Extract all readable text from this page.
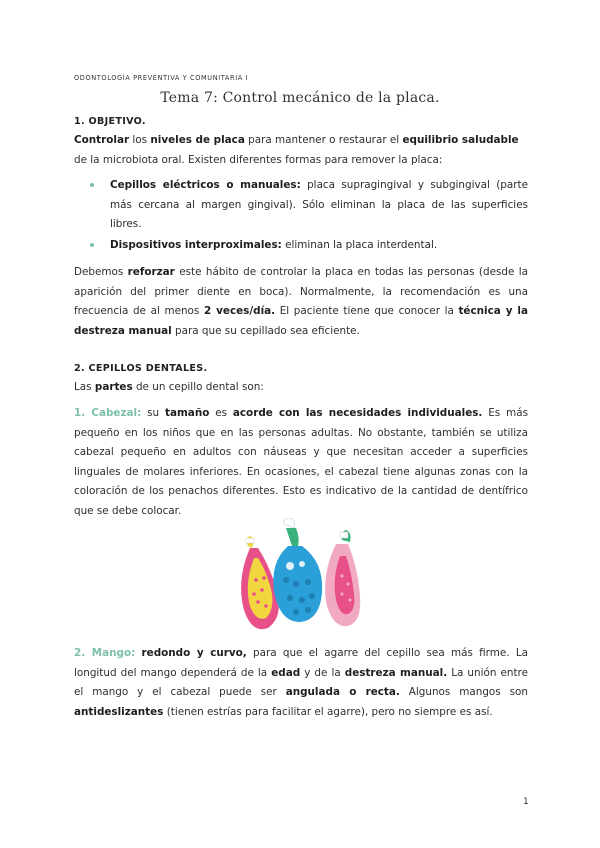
ODONTOLOGÍA PREVENTIVA Y COMUNITARIA I
Tema 7: Control mecánico de la placa.
1. OBJETIVO.
Controlar los niveles de placa para mantener o restaurar el equilibrio saludable de la microbiota oral. Existen diferentes formas para remover la placa:
Cepillos eléctricos o manuales: placa supragingival y subgingival (parte más cercana al margen gingival). Sólo eliminan la placa de las superficies libres.
Dispositivos interproximales: eliminan la placa interdental.
Debemos reforzar este hábito de controlar la placa en todas las personas (desde la aparición del primer diente en boca). Normalmente, la recomendación es una frecuencia de al menos 2 veces/día. El paciente tiene que conocer la técnica y la destreza manual para que su cepillado sea eficiente.
2. CEPILLOS DENTALES.
Las partes de un cepillo dental son:
1. Cabezal: su tamaño es acorde con las necesidades individuales. Es más pequeño en los niños que en las personas adultas. No obstante, también se utiliza cabezal pequeño en adultos con náuseas y que necesitan acceder a superficies linguales de molares inferiores. En ocasiones, el cabezal tiene algunas zonas con la coloración de los penachos diferentes. Esto es indicativo de la cantidad de dentífrico que se debe colocar.
2. Mango: redondo y curvo, para que el agarre del cepillo sea más firme. La longitud del mango dependerá de la edad y de la destreza manual. La unión entre el mango y el cabezal puede ser angulada o recta. Algunos mangos son antideslizantes (tienen estrías para facilitar el agarre), pero no siempre es así.
1
